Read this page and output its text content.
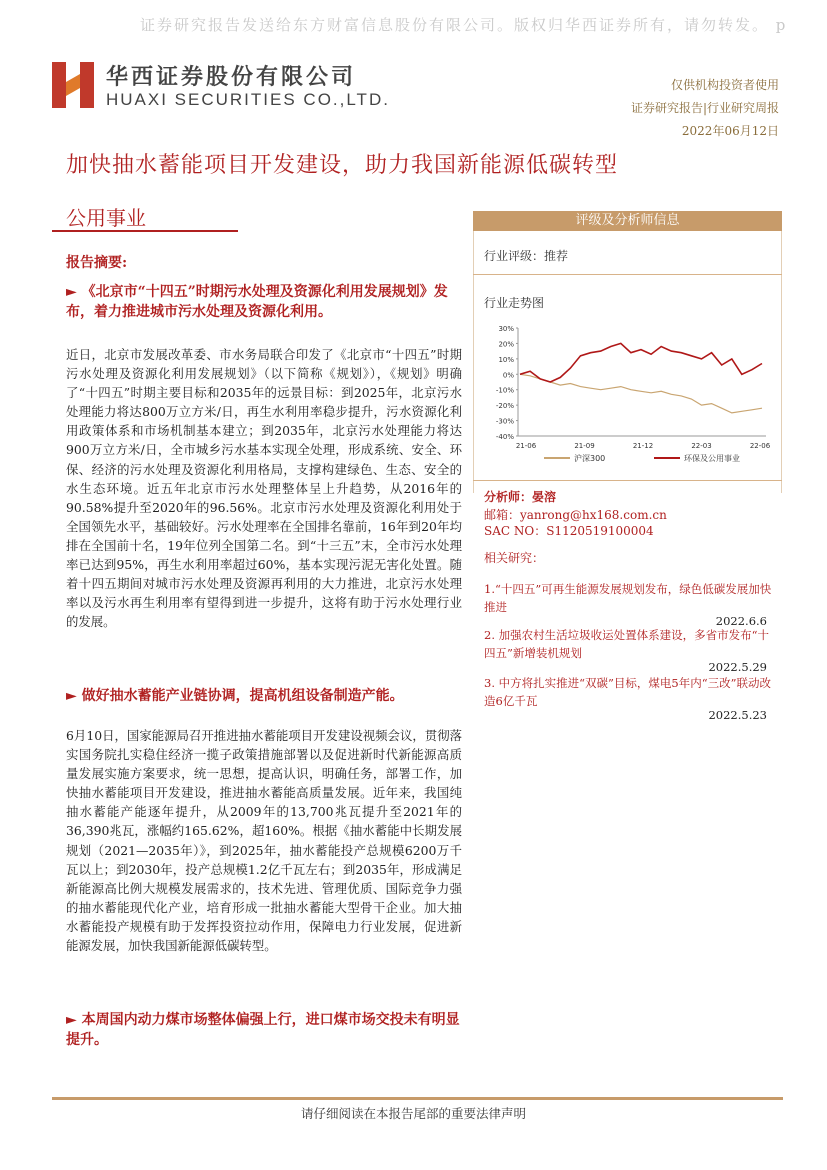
证券研究报告发送给东方财富信息股份有限公司。版权归华西证券所有，请勿转发。 p
华西证券股份有限公司
HUAXI SECURITIES CO.,LTD.
仅供机构投资者使用
证券研究报告|行业研究周报
2022年06月12日
加快抽水蓄能项目开发建设，助力我国新能源低碳转型
公用事业
报告摘要:
► 《北京市“十四五”时期污水处理及资源化利用发展规划》发布，着力推进城市污水处理及资源化利用。
近日，北京市发展改革委、市水务局联合印发了《北京市“十四五”时期污水处理及资源化利用发展规划》（以下简称《规划》），《规划》明确了“十四五”时期主要目标和2035年的远景目标：到2025年，北京污水处理能力将达800万立方米/日，再生水利用率稳步提升，污水资源化利用政策体系和市场机制基本建立；到2035年，北京污水处理能力将达900万立方米/日，全市城乡污水基本实现全处理，形成系统、安全、环保、经济的污水处理及资源化利用格局，支撑构建绿色、生态、安全的水生态环境。近五年北京市污水处理整体呈上升趋势，从2016年的90.58%提升至2020年的96.56%。北京市污水处理及资源化利用处于全国领先水平，基础较好。污水处理率在全国排名靠前，16年到20年均排在全国前十名，19年位列全国第二名。到“十三五”末，全市污水处理率已达到95%，再生水利用率超过60%，基本实现污泥无害化处置。随着十四五期间对城市污水处理及资源再利用的大力推进，北京污水处理率以及污水再生利用率有望得到进一步提升，这将有助于污水处理行业的发展。
► 做好抽水蓄能产业链协调，提高机组设备制造产能。
6月10日，国家能源局召开推进抽水蓄能项目开发建设视频会议，贯彻落实国务院扎实稳住经济一揽子政策措施部署以及促进新时代新能源高质量发展实施方案要求，统一思想，提高认识，明确任务，部署工作，加快抽水蓄能项目开发建设，推进抽水蓄能高质量发展。近年来，我国纯抽水蓄能产能逐年提升，从2009年的13,700兆瓦提升至2021年的36,390兆瓦，涨幅约165.62%，超160%。根据《抽水蓄能中长期发展规划（2021—2035年）》，到2025年，抽水蓄能投产总规模6200万千瓦以上；到2030年，投产总规模1.2亿千瓦左右；到2035年，形成满足新能源高比例大规模发展需求的，技术先进、管理优质、国际竞争力强的抽水蓄能现代化产业，培育形成一批抽水蓄能大型骨干企业。加大抽水蓄能投产规模有助于发挥投资拉动作用，保障电力行业发展，促进新能源发展，加快我国新能源低碳转型。
► 本周国内动力煤市场整体偏强上行，进口煤市场交投未有明显提升。
评级及分析师信息
行业评级：推荐
行业走势图
30%
20%
10%
0%
-10%
-20%
-30%
-40%
21-06	21-09	21-12	22-03	22-06
沪深300	环保及公用事业
分析师：晏溶
邮箱：yanrong@hx168.com.cn
SAC NO：S1120519100004
相关研究：
1.“十四五”可再生能源发展规划发布，绿色低碳发展加快推进
2022.6.6
2. 加强农村生活垃圾收运处置体系建设，多省市发布“十四五”新增装机规划
2022.5.29
3. 中方将扎实推进“双碳”目标，煤电5年内“三改”联动改造6亿千瓦
2022.5.23
请仔细阅读在本报告尾部的重要法律声明
